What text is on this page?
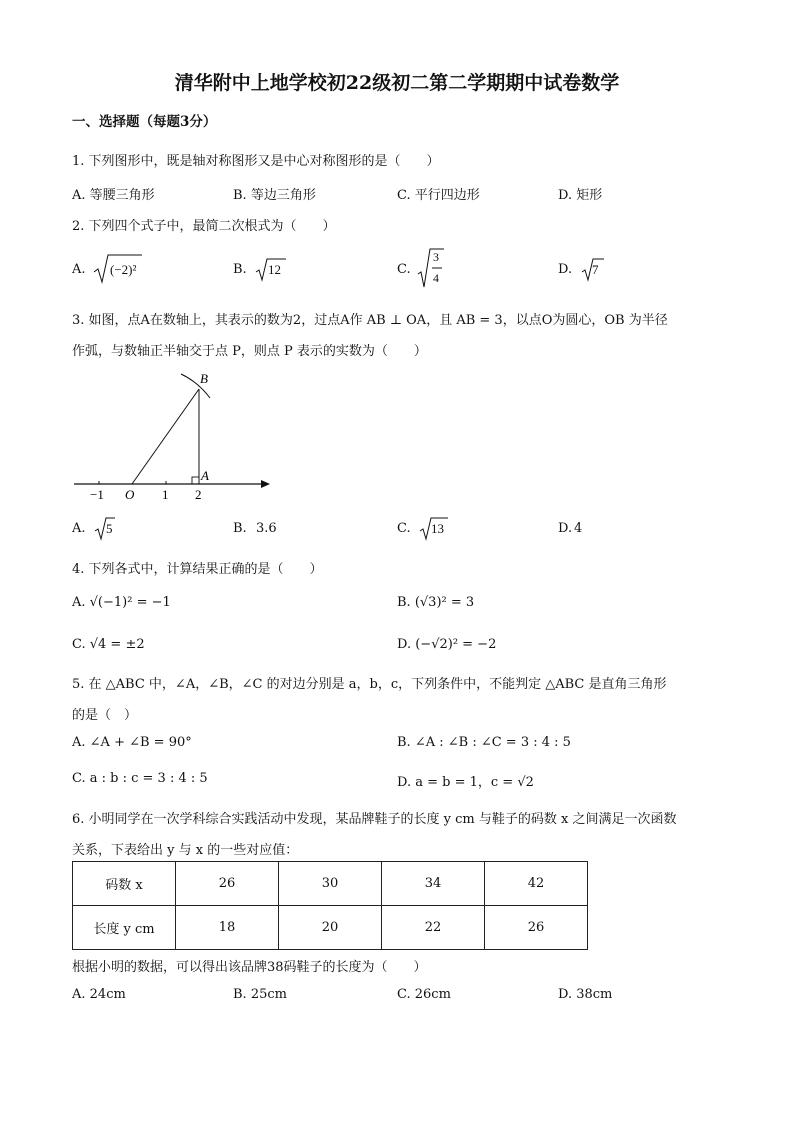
清华附中上地学校初22级初二第二学期期中试卷数学
一、选择题（每题3分）
1. 下列图形中，既是轴对称图形又是中心对称图形的是（　　）
A. 等腰三角形	B. 等边三角形	C. 平行四边形	D. 矩形
2. 下列四个式子中，最简二次根式为（　　）
A. (−2)²	B. 12	C.
3
4
D. 7
3. 如图，点A在数轴上，其表示的数为2，过点A作 AB ⊥ OA，且 AB = 3，以点O为圆心，OB 为半径
作弧，与数轴正半轴交于点 P，则点 P 表示的实数为（　　）
B
A
−1 O 1 2
A. 5	B. 3.6	C. 13	D. 4
4. 下列各式中，计算结果正确的是（　　）
A. √(−1)² = −1	B. (√3)² = 3
C. √4 = ±2	D. (−√2)² = −2
5. 在 △ABC 中，∠A，∠B，∠C 的对边分别是 a，b，c，下列条件中，不能判定 △ABC 是直角三角形
的是（　）
A. ∠A + ∠B = 90°	B. ∠A : ∠B : ∠C = 3 : 4 : 5
C. a : b : c = 3 : 4 : 5	D. a = b = 1，c = √2
6. 小明同学在一次学科综合实践活动中发现，某品牌鞋子的长度 y cm 与鞋子的码数 x 之间满足一次函数
关系，下表给出 y 与 x 的一些对应值：
码数 x	26	30	34	42
长度 y cm	18	20	22	26
根据小明的数据，可以得出该品牌38码鞋子的长度为（　　）
A. 24cm	B. 25cm	C. 26cm	D. 38cm
